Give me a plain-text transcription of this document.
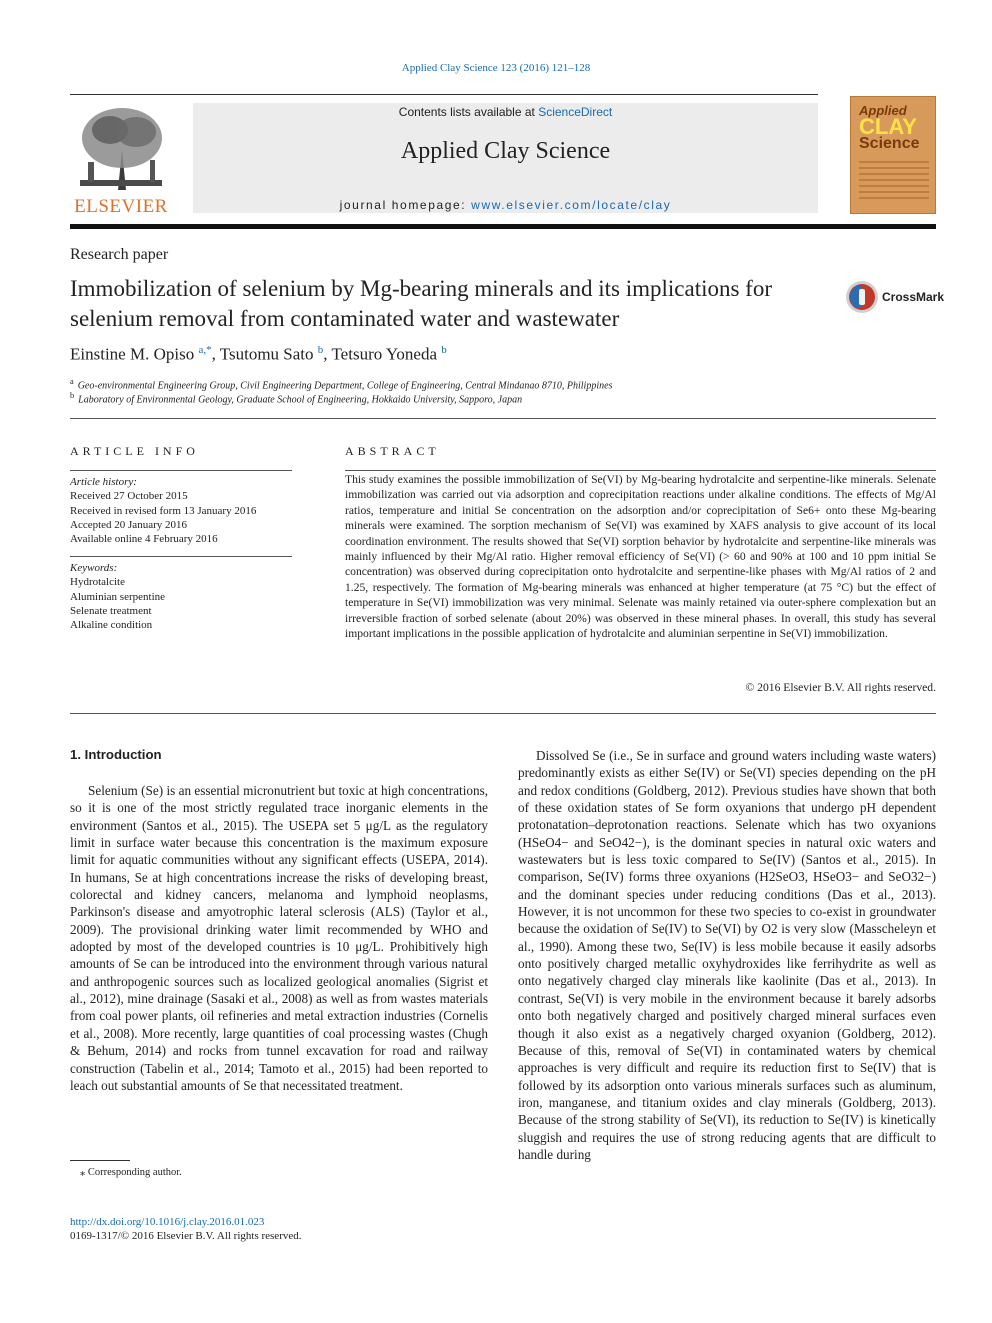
Applied Clay Science 123 (2016) 121–128
ELSEVIER
Contents lists available at ScienceDirect
Applied Clay Science
journal homepage: www.elsevier.com/locate/clay
Applied
CLAY
Science
Research paper
Immobilization of selenium by Mg-bearing minerals and its implications for selenium removal from contaminated water and wastewater
CrossMark
Einstine M. Opiso $^{a,*}$, Tsutomu Sato $^b$, Tetsuro Yoneda $^b$
$^a$ Geo-environmental Engineering Group, Civil Engineering Department, College of Engineering, Central Mindanao 8710, Philippines
$^b$ Laboratory of Environmental Geology, Graduate School of Engineering, Hokkaido University, Sapporo, Japan
ARTICLE INFO
Article history:
Received 27 October 2015
Received in revised form 13 January 2016
Accepted 20 January 2016
Available online 4 February 2016
Keywords:
Hydrotalcite
Aluminian serpentine
Selenate treatment
Alkaline condition
ABSTRACT
This study examines the possible immobilization of Se(VI) by Mg-bearing hydrotalcite and serpentine-like minerals. Selenate immobilization was carried out via adsorption and coprecipitation reactions under alkaline conditions. The effects of Mg/Al ratios, temperature and initial Se concentration on the adsorption and/or coprecipitation of Se6+ onto these Mg-bearing minerals were examined. The sorption mechanism of Se(VI) was examined by XAFS analysis to give account of its local coordination environment. The results showed that Se(VI) sorption behavior by hydrotalcite and serpentine-like minerals was mainly influenced by their Mg/Al ratio. Higher removal efficiency of Se(VI) (> 60 and 90% at 100 and 10 ppm initial Se concentration) was observed during coprecipitation onto hydrotalcite and serpentine-like phases with Mg/Al ratios of 2 and 1.25, respectively. The formation of Mg-bearing minerals was enhanced at higher temperature (at 75 °C) but the effect of temperature in Se(VI) immobilization was very minimal. Selenate was mainly retained via outer-sphere complexation but an irreversible fraction of sorbed selenate (about 20%) was observed in these mineral phases. In overall, this study has several important implications in the possible application of hydrotalcite and aluminian serpentine in Se(VI) immobilization.
© 2016 Elsevier B.V. All rights reserved.
1. Introduction

Selenium (Se) is an essential micronutrient but toxic at high concentrations, so it is one of the most strictly regulated trace inorganic elements in the environment (Santos et al., 2015). The USEPA set 5 μg/L as the regulatory limit in surface water because this concentration is the maximum exposure limit for aquatic communities without any significant effects (USEPA, 2014). In humans, Se at high concentrations increase the risks of developing breast, colorectal and kidney cancers, melanoma and lymphoid neoplasms, Parkinson's disease and amyotrophic lateral sclerosis (ALS) (Taylor et al., 2009). The provisional drinking water limit recommended by WHO and adopted by most of the developed countries is 10 μg/L. Prohibitively high amounts of Se can be introduced into the environment through various natural and anthropogenic sources such as localized geological anomalies (Sigrist et al., 2012), mine drainage (Sasaki et al., 2008) as well as from wastes materials from coal power plants, oil refineries and metal extraction industries (Cornelis et al., 2008). More recently, large quantities of coal processing wastes (Chugh & Behum, 2014) and rocks from tunnel excavation for road and railway construction (Tabelin et al., 2014; Tamoto et al., 2015) had been reported to leach out substantial amounts of Se that necessitated treatment.

Dissolved Se (i.e., Se in surface and ground waters including waste waters) predominantly exists as either Se(IV) or Se(VI) species depending on the pH and redox conditions (Goldberg, 2012). Previous studies have shown that both of these oxidation states of Se form oxyanions that undergo pH dependent protonatation–deprotonation reactions. Selenate which has two oxyanions (HSeO4− and SeO42−), is the dominant species in natural oxic waters and wastewaters but is less toxic compared to Se(IV) (Santos et al., 2015). In comparison, Se(IV) forms three oxyanions (H2SeO3, HSeO3− and SeO32−) and the dominant species under reducing conditions (Das et al., 2013). However, it is not uncommon for these two species to co-exist in groundwater because the oxidation of Se(IV) to Se(VI) by O2 is very slow (Masscheleyn et al., 1990). Among these two, Se(IV) is less mobile because it easily adsorbs onto positively charged metallic oxyhydroxides like ferrihydrite as well as onto negatively charged clay minerals like kaolinite (Das et al., 2013). In contrast, Se(VI) is very mobile in the environment because it barely adsorbs onto both negatively charged and positively charged mineral surfaces even though it also exist as a negatively charged oxyanion (Goldberg, 2012). Because of this, removal of Se(VI) in contaminated waters by chemical approaches is very difficult and require its reduction first to Se(IV) that is followed by its adsorption onto various minerals surfaces such as aluminum, iron, manganese, and titanium oxides and clay minerals (Goldberg, 2013). Because of the strong stability of Se(VI), its reduction to Se(IV) is kinetically sluggish and requires the use of strong reducing agents that are difficult to handle during

⁎ Corresponding author.
http://dx.doi.org/10.1016/j.clay.2016.01.023
0169-1317/© 2016 Elsevier B.V. All rights reserved.
